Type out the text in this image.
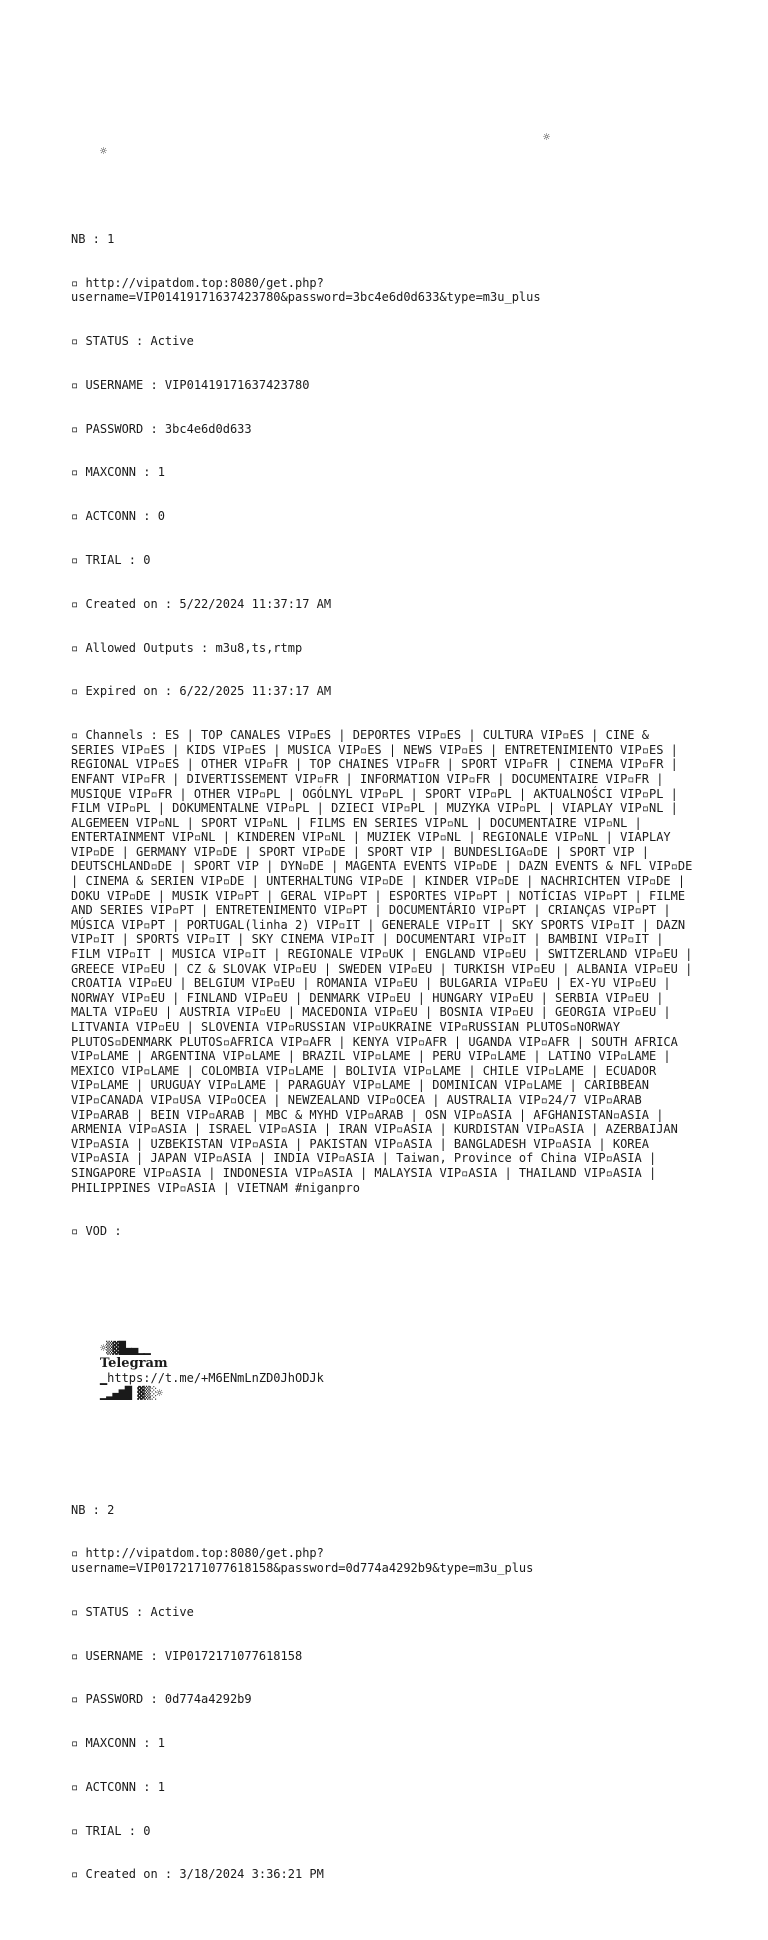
☼

☼

NB : 1

▫ http://vipatdom.top:8080/get.php?username=VIP01419171637423780&password=3bc4e6d0d633&type=m3u_plus

▫ STATUS : Active

▫ USERNAME : VIP01419171637423780

▫ PASSWORD : 3bc4e6d0d633

▫ MAXCONN : 1

▫ ACTCONN : 0

▫ TRIAL : 0

▫ Created on : 5/22/2024 11:37:17 AM

▫ Allowed Outputs : m3u8,ts,rtmp

▫ Expired on : 6/22/2025 11:37:17 AM

▫ Channels : ES | TOP CANALES VIP▫ES | DEPORTES VIP▫ES | CULTURA VIP▫ES | CINE & SERIES VIP▫ES | KIDS VIP▫ES | MUSICA VIP▫ES | NEWS VIP▫ES | ENTRETENIMIENTO VIP▫ES | REGIONAL VIP▫ES | OTHER VIP▫FR | TOP CHAINES VIP▫FR | SPORT VIP▫FR | CINEMA VIP▫FR | ENFANT VIP▫FR | DIVERTISSEMENT VIP▫FR | INFORMATION VIP▫FR | DOCUMENTAIRE VIP▫FR | MUSIQUE VIP▫FR | OTHER VIP▫PL | OGÓLNYL VIP▫PL | SPORT VIP▫PL | AKTUALNOŚCI VIP▫PL | FILM VIP▫PL | DOKUMENTALNE VIP▫PL | DZIECI VIP▫PL | MUZYKA VIP▫PL | VIAPLAY VIP▫NL | ALGEMEEN VIP▫NL | SPORT VIP▫NL | FILMS EN SERIES VIP▫NL | DOCUMENTAIRE VIP▫NL | ENTERTAINMENT VIP▫NL | KINDEREN VIP▫NL | MUZIEK VIP▫NL | REGIONALE VIP▫NL | VIAPLAY VIP▫DE | GERMANY VIP▫DE | SPORT VIP▫DE | SPORT VIP | BUNDESLIGA▫DE | SPORT VIP | DEUTSCHLAND▫DE | SPORT VIP | DYN▫DE | MAGENTA EVENTS VIP▫DE | DAZN EVENTS & NFL VIP▫DE | CINEMA & SERIEN VIP▫DE | UNTERHALTUNG VIP▫DE | KINDER VIP▫DE | NACHRICHTEN VIP▫DE | DOKU VIP▫DE | MUSIK VIP▫PT | GERAL VIP▫PT | ESPORTES VIP▫PT | NOTÍCIAS VIP▫PT | FILME AND SERIES VIP▫PT | ENTRETENIMENTO VIP▫PT | DOCUMENTÁRIO VIP▫PT | CRIANÇAS VIP▫PT | MÚSICA VIP▫PT | PORTUGAL(linha 2) VIP▫IT | GENERALE VIP▫IT | SKY SPORTS VIP▫IT | DAZN VIP▫IT | SPORTS VIP▫IT | SKY CINEMA VIP▫IT | DOCUMENTARI VIP▫IT | BAMBINI VIP▫IT | FILM VIP▫IT | MUSICA VIP▫IT | REGIONALE VIP▫UK | ENGLAND VIP▫EU | SWITZERLAND VIP▫EU | GREECE VIP▫EU | CZ & SLOVAK VIP▫EU | SWEDEN VIP▫EU | TURKISH VIP▫EU | ALBANIA VIP▫EU | CROATIA VIP▫EU | BELGIUM VIP▫EU | ROMANIA VIP▫EU | BULGARIA VIP▫EU | EX-YU VIP▫EU | NORWAY VIP▫EU | FINLAND VIP▫EU | DENMARK VIP▫EU | HUNGARY VIP▫EU | SERBIA VIP▫EU | MALTA VIP▫EU | AUSTRIA VIP▫EU | MACEDONIA VIP▫EU | BOSNIA VIP▫EU | GEORGIA VIP▫EU | LITVANIA VIP▫EU | SLOVENIA VIP▫RUSSIAN VIP▫UKRAINE VIP▫RUSSIAN PLUTOS▫NORWAY PLUTOS▫DENMARK PLUTOS▫AFRICA VIP▫AFR | KENYA VIP▫AFR | UGANDA VIP▫AFR | SOUTH AFRICA VIP▫LAME | ARGENTINA VIP▫LAME | BRAZIL VIP▫LAME | PERU VIP▫LAME | LATINO VIP▫LAME | MEXICO VIP▫LAME | COLOMBIA VIP▫LAME | BOLIVIA VIP▫LAME | CHILE VIP▫LAME | ECUADOR VIP▫LAME | URUGUAY VIP▫LAME | PARAGUAY VIP▫LAME | DOMINICAN VIP▫LAME | CARIBBEAN VIP▫CANADA VIP▫USA VIP▫OCEA | NEWZEALAND VIP▫OCEA | AUSTRALIA VIP▫24/7 VIP▫ARAB VIP▫ARAB | BEIN VIP▫ARAB | MBC & MYHD VIP▫ARAB | OSN VIP▫ASIA | AFGHANISTAN▫ASIA | ARMENIA VIP▫ASIA | ISRAEL VIP▫ASIA | IRAN VIP▫ASIA | KURDISTAN VIP▫ASIA | AZERBAIJAN VIP▫ASIA | UZBEKISTAN VIP▫ASIA | PAKISTAN VIP▫ASIA | BANGLADESH VIP▫ASIA | KOREA VIP▫ASIA | JAPAN VIP▫ASIA | INDIA VIP▫ASIA | Taiwan, Province of China VIP▫ASIA | SINGAPORE VIP▫ASIA | INDONESIA VIP▫ASIA | MALAYSIA VIP▫ASIA | THAILAND VIP▫ASIA | PHILIPPINES VIP▫ASIA | VIETNAM #niganpro

▫ VOD :

☼▒▓█▄▄▁▁
Telegram
▁https://t.me/+M6ENmLnZD0JhODJk
▁▂▄▆█ ▓▒░☼

NB : 2

▫ http://vipatdom.top:8080/get.php?username=VIP0172171077618158&password=0d774a4292b9&type=m3u_plus

▫ STATUS : Active

▫ USERNAME : VIP0172171077618158

▫ PASSWORD : 0d774a4292b9

▫ MAXCONN : 1

▫ ACTCONN : 1

▫ TRIAL : 0

▫ Created on : 3/18/2024 3:36:21 PM
